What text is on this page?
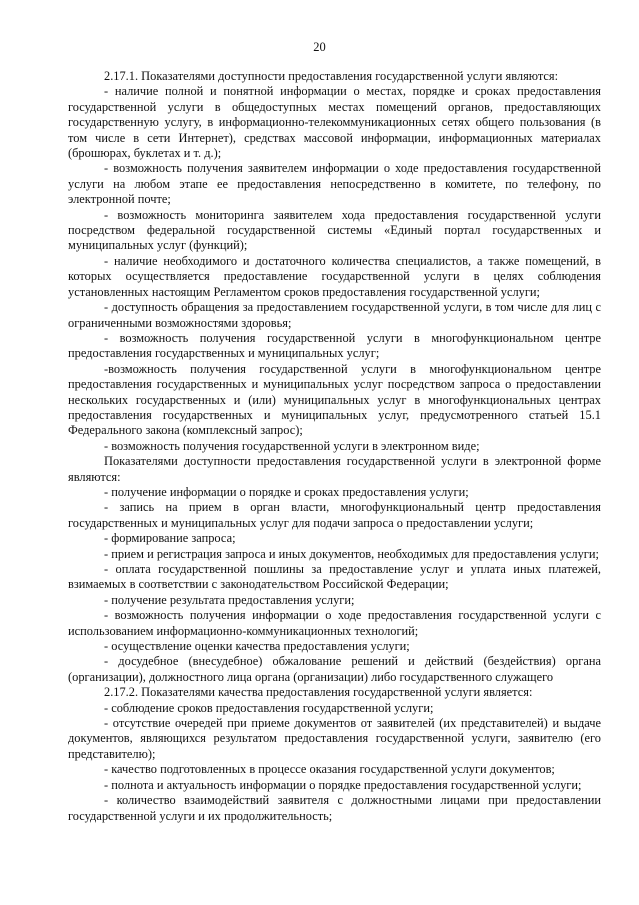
20

2.17.1. Показателями доступности предоставления государственной услуги являются:

- наличие полной и понятной информации о местах, порядке и сроках предоставления государственной услуги в общедоступных местах помещений органов, предоставляющих государственную услугу, в информационно-телекоммуникационных сетях общего пользования (в том числе в сети Интернет), средствах массовой информации, информационных материалах (брошюрах, буклетах и т. д.);

- возможность получения заявителем информации о ходе предоставления государственной услуги на любом этапе ее предоставления непосредственно в комитете, по телефону, по электронной почте;

- возможность мониторинга заявителем хода предоставления государственной услуги посредством федеральной государственной системы «Единый портал государственных и муниципальных услуг (функций);

- наличие необходимого и достаточного количества специалистов, а также помещений, в которых осуществляется предоставление государственной услуги в целях соблюдения установленных настоящим Регламентом сроков предоставления государственной услуги;

- доступность обращения за предоставлением государственной услуги, в том числе для лиц с ограниченными возможностями здоровья;

- возможность получения государственной услуги в многофункциональном центре предоставления государственных и муниципальных услуг;

-возможность получения государственной услуги в многофункциональном центре предоставления государственных и муниципальных услуг посредством запроса о предоставлении нескольких государственных и (или) муниципальных услуг в многофункциональных центрах предоставления государственных и муниципальных услуг, предусмотренного статьей 15.1 Федерального закона (комплексный запрос);

- возможность получения государственной услуги в электронном виде;

Показателями доступности предоставления государственной услуги в электронной форме являются:

- получение информации о порядке и сроках предоставления услуги;

- запись на прием в орган власти, многофункциональный центр предоставления государственных и муниципальных услуг для подачи запроса о предоставлении услуги;

- формирование запроса;

- прием и регистрация запроса и иных документов, необходимых для предоставления услуги;

- оплата государственной пошлины за предоставление услуг и уплата иных платежей, взимаемых в соответствии с законодательством Российской Федерации;

- получение результата предоставления услуги;

- возможность получения информации о ходе предоставления государственной услуги с использованием информационно-коммуникационных технологий;

- осуществление оценки качества предоставления услуги;

- досудебное (внесудебное) обжалование решений и действий (бездействия) органа (организации), должностного лица органа (организации) либо государственного служащего

2.17.2. Показателями качества предоставления государственной услуги является:

- соблюдение сроков предоставления государственной услуги;

- отсутствие очередей при приеме документов от заявителей (их представителей) и выдаче документов, являющихся результатом предоставления государственной услуги, заявителю (его представителю);

- качество подготовленных в процессе оказания государственной услуги документов;

- полнота и актуальность информации о порядке предоставления государственной услуги;

- количество взаимодействий заявителя с должностными лицами при предоставлении государственной услуги и их продолжительность;
